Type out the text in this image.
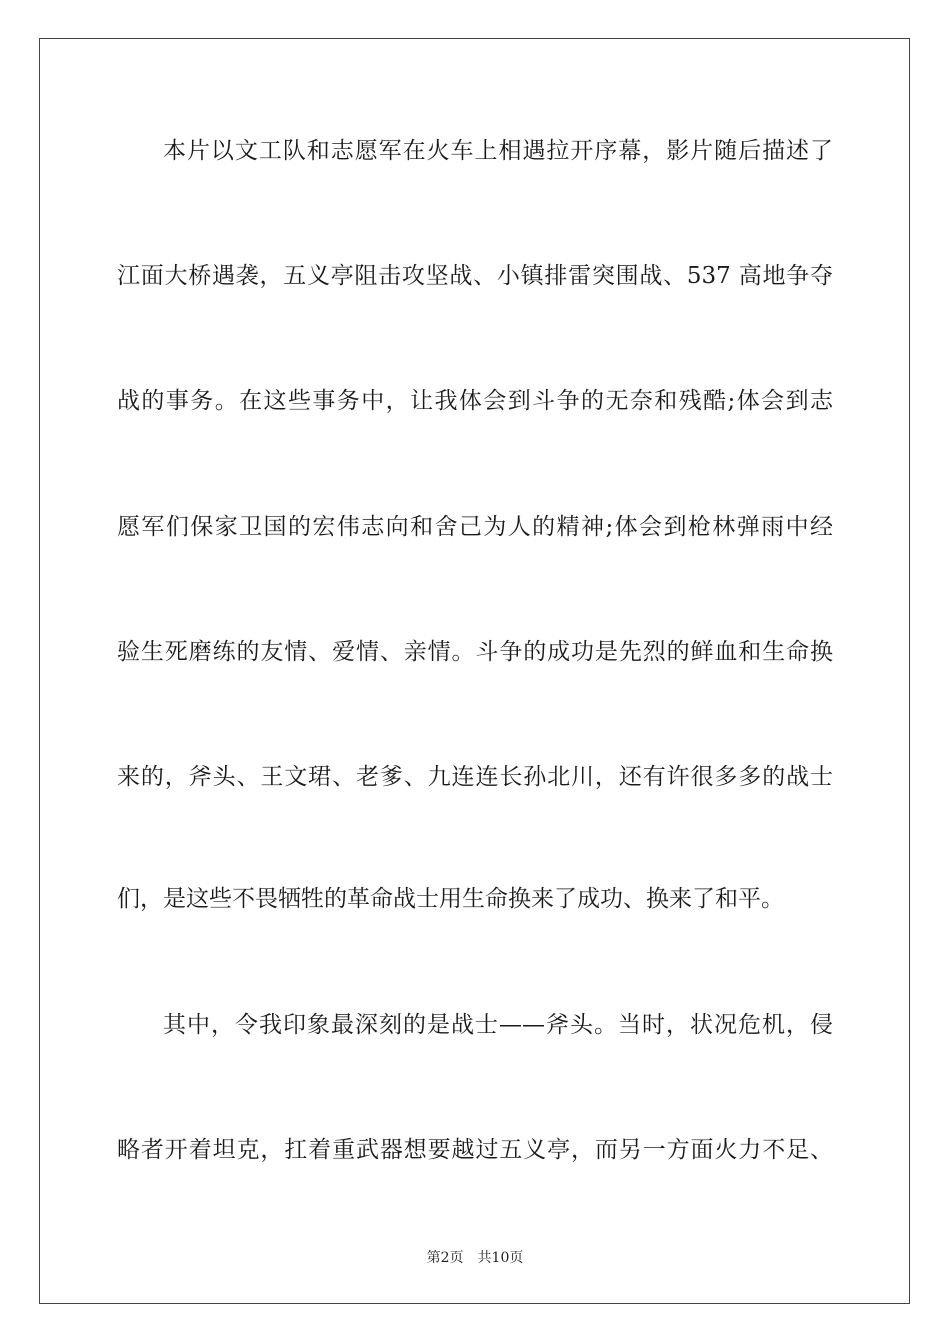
本片以文工队和志愿军在火车上相遇拉开序幕，影片随后描述了
江面大桥遇袭，五义亭阻击攻坚战、小镇排雷突围战、537 高地争夺
战的事务。在这些事务中，让我体会到斗争的无奈和残酷;体会到志
愿军们保家卫国的宏伟志向和舍己为人的精神;体会到枪林弹雨中经
验生死磨练的友情、爱情、亲情。斗争的成功是先烈的鲜血和生命换
来的，斧头、王文珺、老爹、九连连长孙北川，还有许很多多的战士
们，是这些不畏牺牲的革命战士用生命换来了成功、换来了和平。
其中，令我印象最深刻的是战士——斧头。当时，状况危机，侵
略者开着坦克，扛着重武器想要越过五义亭，而另一方面火力不足、
第2页 共10页
